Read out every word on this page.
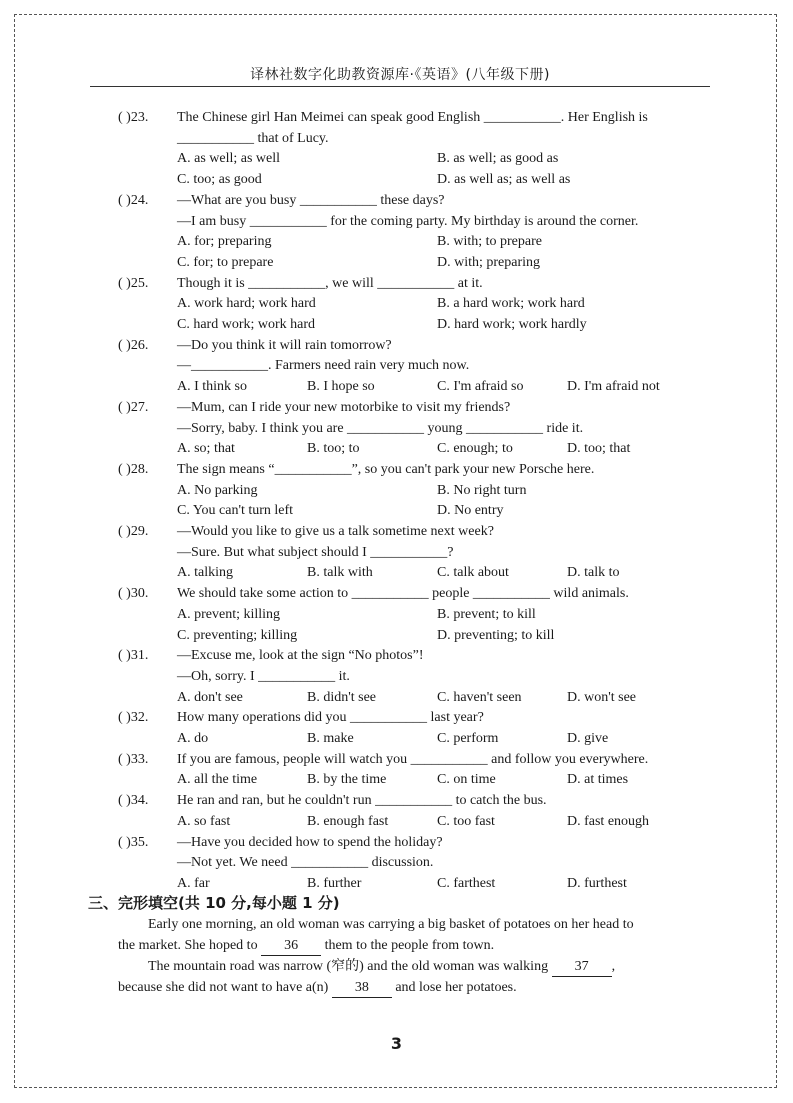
译林社数字化助教资源库·《英语》(八年级下册)
( )23. The Chinese girl Han Meimei can speak good English ___________. Her English is
___________ that of Lucy.
A. as well; as well	B. as well; as good as
C. too; as good	D. as well as; as well as
( )24. —What are you busy ___________ these days?
—I am busy ___________ for the coming party. My birthday is around the corner.
A. for; preparing	B. with; to prepare
C. for; to prepare	D. with; preparing
( )25. Though it is ___________, we will ___________ at it.
A. work hard; work hard	B. a hard work; work hard
C. hard work; work hard	D. hard work; work hardly
( )26. —Do you think it will rain tomorrow?
—___________. Farmers need rain very much now.
A. I think so	B. I hope so	C. I'm afraid so	D. I'm afraid not
( )27. —Mum, can I ride your new motorbike to visit my friends?
—Sorry, baby. I think you are ___________ young ___________ ride it.
A. so; that	B. too; to	C. enough; to	D. too; that
( )28. The sign means “___________”, so you can't park your new Porsche here.
A. No parking	B. No right turn
C. You can't turn left	D. No entry
( )29. —Would you like to give us a talk sometime next week?
—Sure. But what subject should I ___________?
A. talking	B. talk with	C. talk about	D. talk to
( )30. We should take some action to ___________ people ___________ wild animals.
A. prevent; killing	B. prevent; to kill
C. preventing; killing	D. preventing; to kill
( )31. —Excuse me, look at the sign “No photos”!
—Oh, sorry. I ___________ it.
A. don't see	B. didn't see	C. haven't seen	D. won't see
( )32. How many operations did you ___________ last year?
A. do	B. make	C. perform	D. give
( )33. If you are famous, people will watch you ___________ and follow you everywhere.
A. all the time	B. by the time	C. on time	D. at times
( )34. He ran and ran, but he couldn't run ___________ to catch the bus.
A. so fast	B. enough fast	C. too fast	D. fast enough
( )35. —Have you decided how to spend the holiday?
—Not yet. We need ___________ discussion.
A. far	B. further	C. farthest	D. furthest
三、完形填空(共 10 分,每小题 1 分)
Early one morning, an old woman was carrying a big basket of potatoes on her head to
the market. She hoped to 36 them to the people from town.
The mountain road was narrow (窄的) and the old woman was walking 37 ,
because she did not want to have a(n) 38 and lose her potatoes.
3
